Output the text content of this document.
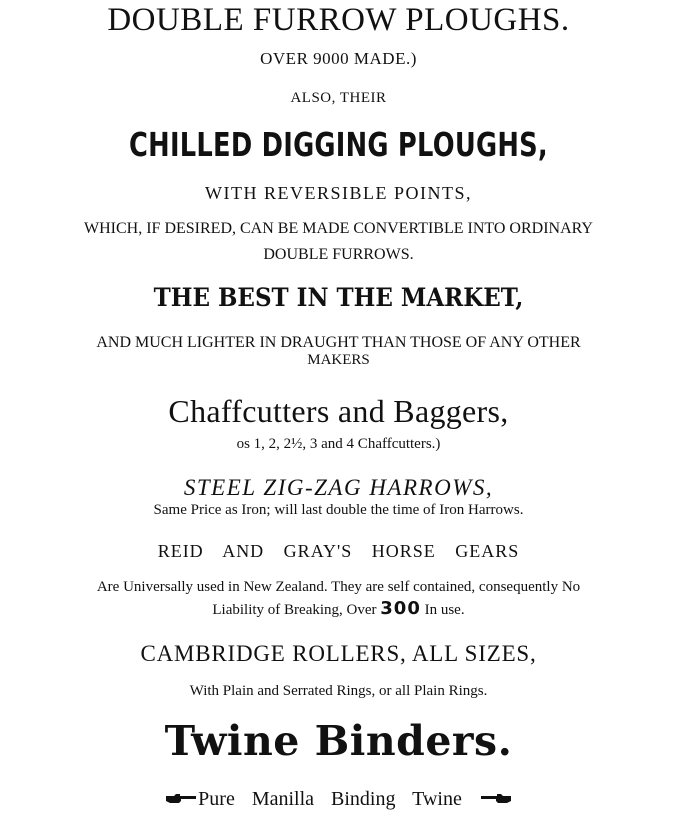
DOUBLE FURROW PLOUGHS.
OVER 9000 MADE.)
ALSO, THEIR
CHILLED DIGGING PLOUGHS,
WITH REVERSIBLE POINTS,
WHICH, IF DESIRED, CAN BE MADE CONVERTIBLE INTO ORDINARY
DOUBLE FURROWS.
THE BEST IN THE MARKET,
AND MUCH LIGHTER IN DRAUGHT THAN THOSE OF ANY OTHER
MAKERS
Chaffcutters and Baggers,
os 1, 2, 2½, 3 and 4 Chaffcutters.)
STEEL ZIG-ZAG HARROWS,
Same Price as Iron; will last double the time of Iron Harrows.
REID AND GRAY'S HORSE GEARS
Are Universally used in New Zealand. They are self contained, consequently No
Liability of Breaking, Over 300 In use.
CAMBRIDGE ROLLERS, ALL SIZES,
With Plain and Serrated Rings, or all Plain Rings.
Twine Binders.
Pure Manilla Binding Twine
